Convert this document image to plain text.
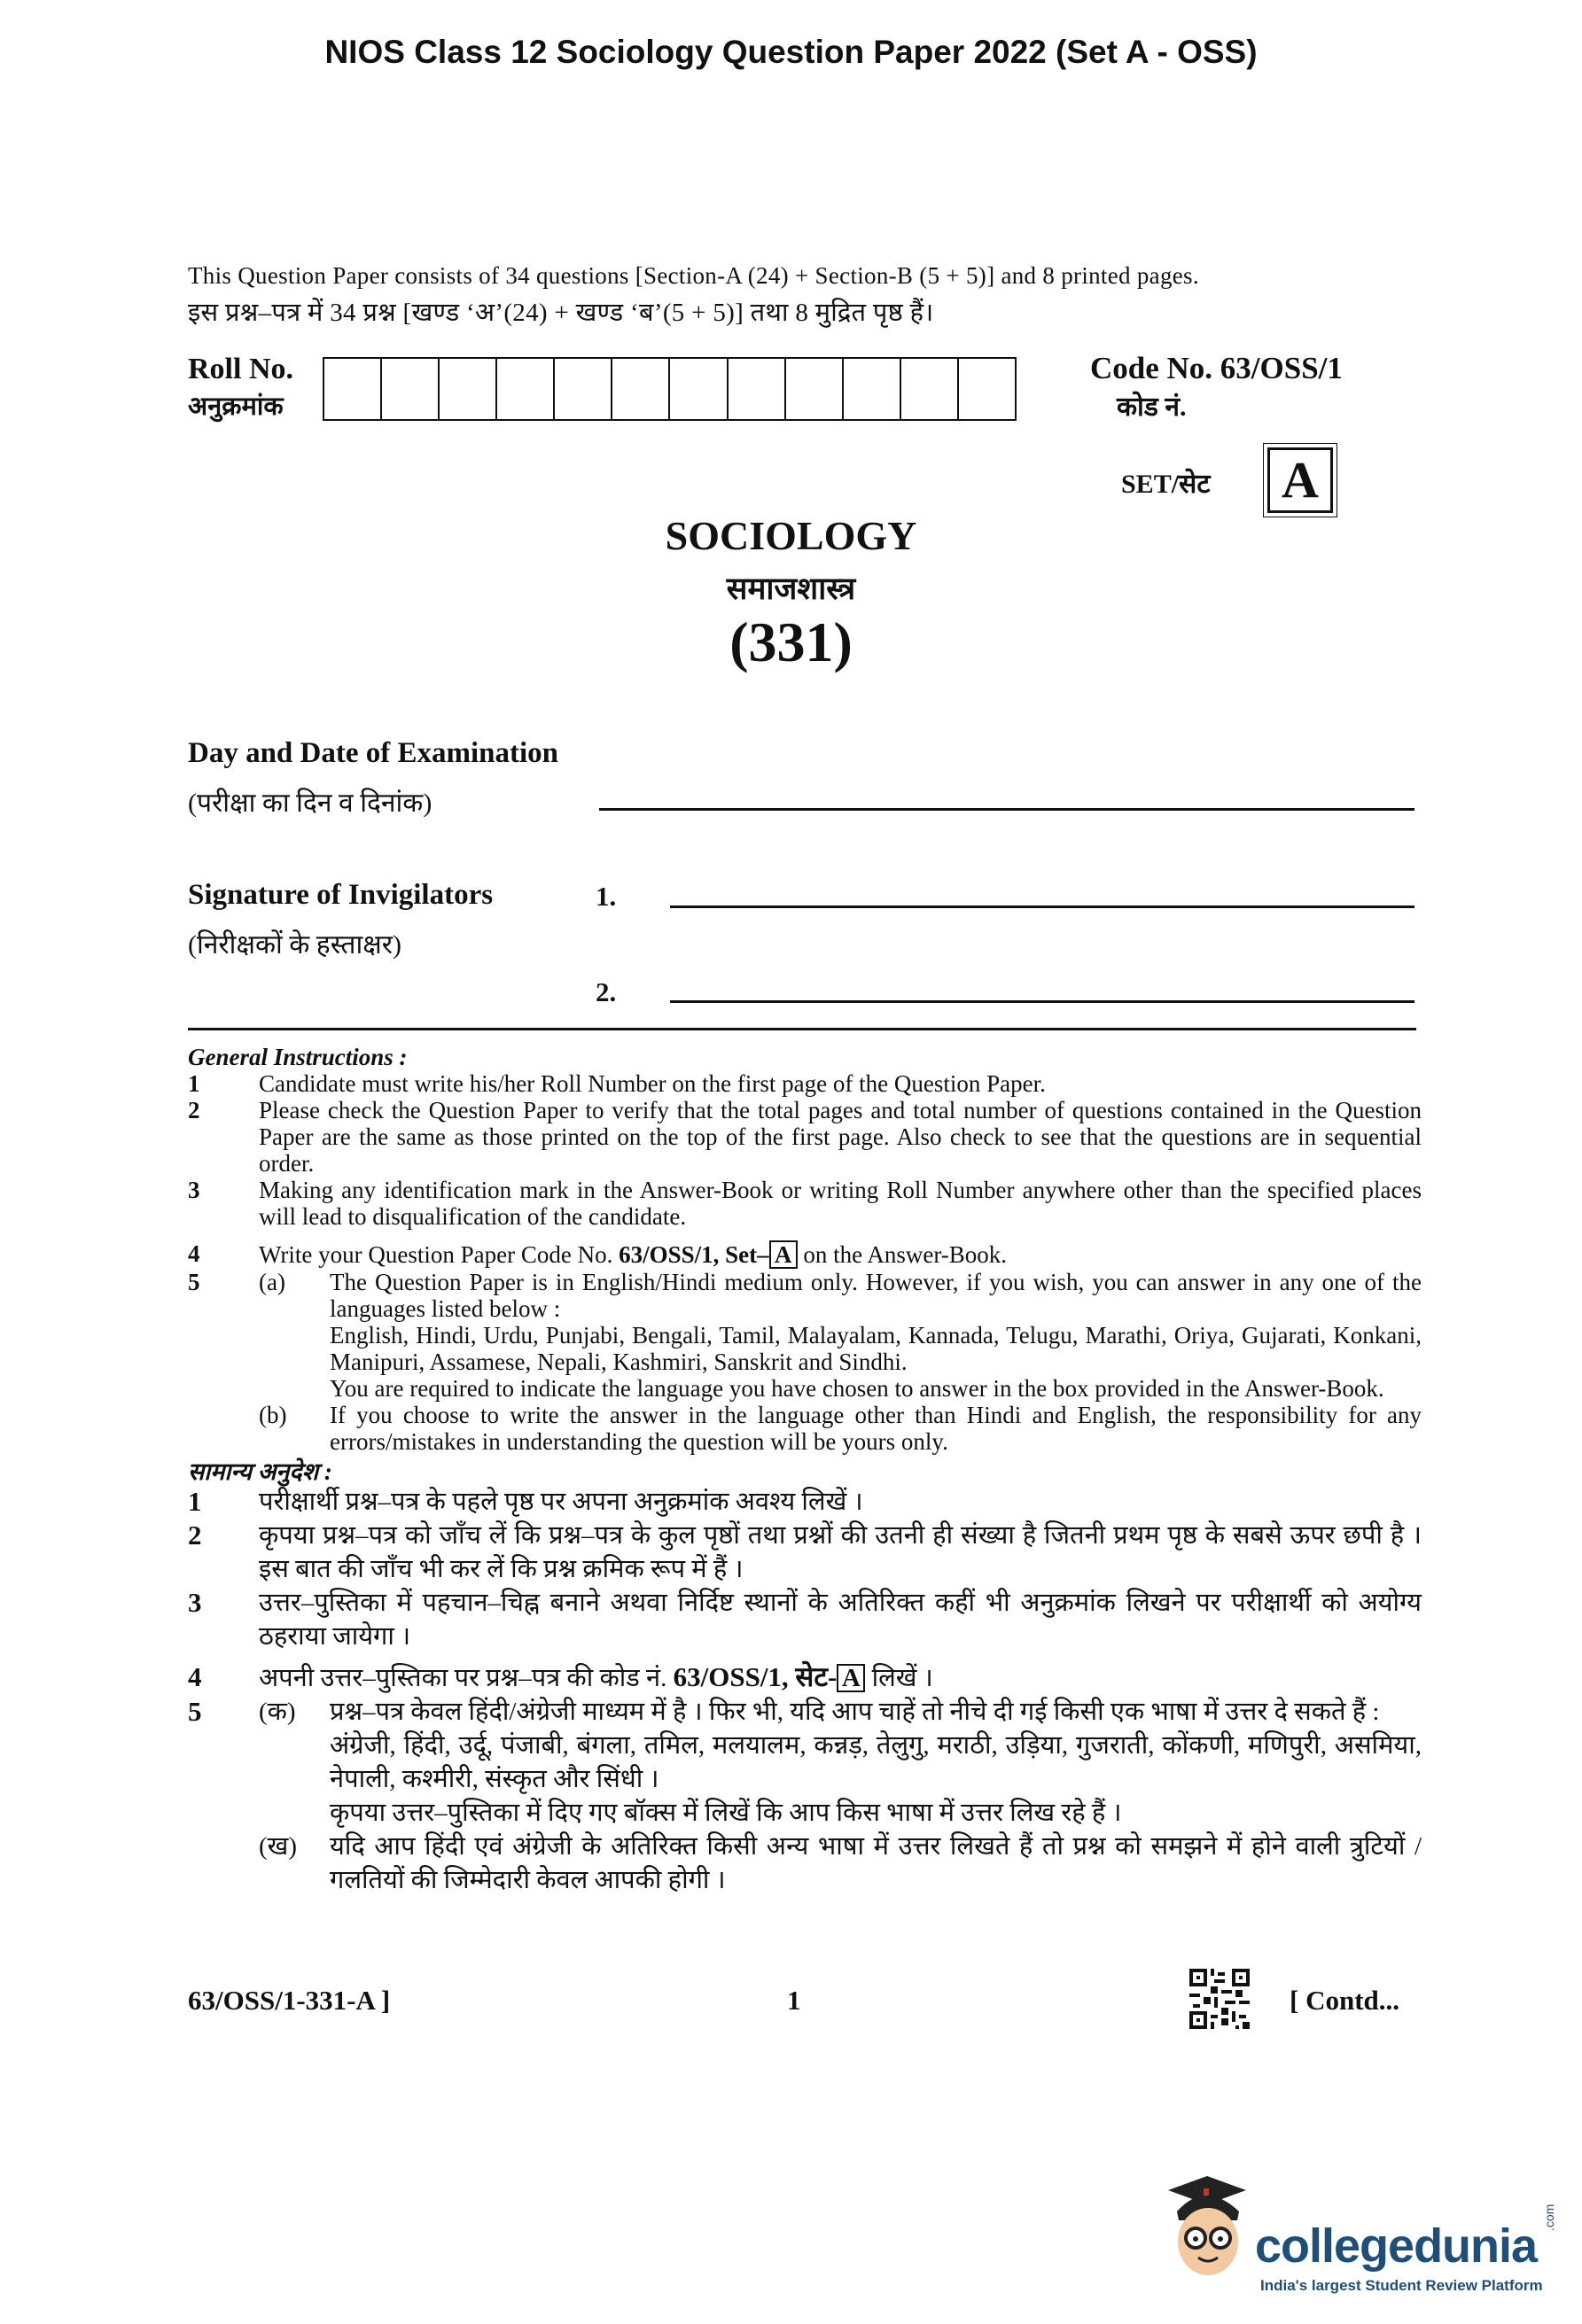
NIOS Class 12 Sociology Question Paper 2022 (Set A - OSS)
This Question Paper consists of 34 questions [Section-A (24) + Section-B (5 + 5)] and 8 printed pages.
इस प्रश्न–पत्र में 34 प्रश्न [खण्ड ‘अ’(24) + खण्ड ‘ब’(5 + 5)] तथा 8 मुद्रित पृष्ठ हैं।
Roll No.
अनुक्रमांक
Code No. 63/OSS/1
कोड नं.
SET/सेट A
SOCIOLOGY
समाजशास्त्र
(331)
Day and Date of Examination
(परीक्षा का दिन व दिनांक)
Signature of Invigilators
(निरीक्षकों के हस्ताक्षर)
1.
2.
General Instructions :
1	Candidate must write his/her Roll Number on the first page of the Question Paper.
2	Please check the Question Paper to verify that the total pages and total number of questions contained in the Question Paper are the same as those printed on the top of the first page. Also check to see that the questions are in sequential order.
3	Making any identification mark in the Answer-Book or writing Roll Number anywhere other than the specified places will lead to disqualification of the candidate.
4	Write your Question Paper Code No. 63/OSS/1, Set– A on the Answer-Book.
5	(a)	The Question Paper is in English/Hindi medium only. However, if you wish, you can answer in any one of the languages listed below :
English, Hindi, Urdu, Punjabi, Bengali, Tamil, Malayalam, Kannada, Telugu, Marathi, Oriya, Gujarati, Konkani, Manipuri, Assamese, Nepali, Kashmiri, Sanskrit and Sindhi.
You are required to indicate the language you have chosen to answer in the box provided in the Answer-Book.
(b)	If you choose to write the answer in the language other than Hindi and English, the responsibility for any errors/mistakes in understanding the question will be yours only.
सामान्य अनुदेश :
1	परीक्षार्थी प्रश्न–पत्र के पहले पृष्ठ पर अपना अनुक्रमांक अवश्य लिखें ।
2	कृपया प्रश्न–पत्र को जाँच लें कि प्रश्न–पत्र के कुल पृष्ठों तथा प्रश्नों की उतनी ही संख्या है जितनी प्रथम पृष्ठ के सबसे ऊपर छपी है । इस बात की जाँच भी कर लें कि प्रश्न क्रमिक रूप में हैं ।
3	उत्तर–पुस्तिका में पहचान–चिह्न बनाने अथवा निर्दिष्ट स्थानों के अतिरिक्त कहीं भी अनुक्रमांक लिखने पर परीक्षार्थी को अयोग्य ठहराया जायेगा ।
4	अपनी उत्तर–पुस्तिका पर प्रश्न–पत्र की कोड नं. 63/OSS/1, सेट- A लिखें ।
5	(क)	प्रश्न–पत्र केवल हिंदी/अंग्रेजी माध्यम में है । फिर भी, यदि आप चाहें तो नीचे दी गई किसी एक भाषा में उत्तर दे सकते हैं :
अंग्रेजी, हिंदी, उर्दू, पंजाबी, बंगला, तमिल, मलयालम, कन्नड़, तेलुगु, मराठी, उड़िया, गुजराती, कोंकणी, मणिपुरी, असमिया, नेपाली, कश्मीरी, संस्कृत और सिंधी ।
कृपया उत्तर–पुस्तिका में दिए गए बॉक्स में लिखें कि आप किस भाषा में उत्तर लिख रहे हैं ।
(ख)	यदि आप हिंदी एवं अंग्रेजी के अतिरिक्त किसी अन्य भाषा में उत्तर लिखते हैं तो प्रश्न को समझने में होने वाली त्रुटियों / गलतियों की जिम्मेदारी केवल आपकी होगी ।
63/OSS/1-331-A ]	1	[ Contd...
collegedunia
.com
India's largest Student Review Platform
